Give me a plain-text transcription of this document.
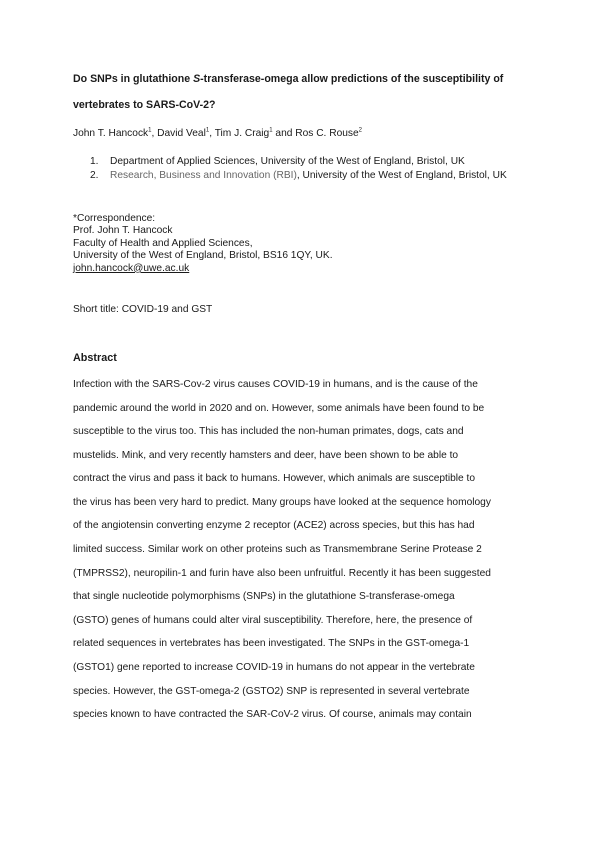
Do SNPs in glutathione S-transferase-omega allow predictions of the susceptibility of
vertebrates to SARS-CoV-2?
John T. Hancock$^1$, David Veal$^1$, Tim J. Craig$^1$ and Ros C. Rouse$^2$
1.	Department of Applied Sciences, University of the West of England, Bristol, UK
2.	Research, Business and Innovation (RBI), University of the West of England, Bristol, UK
*Correspondence:
Prof. John T. Hancock
Faculty of Health and Applied Sciences,
University of the West of England, Bristol, BS16 1QY, UK.
john.hancock@uwe.ac.uk
Short title: COVID-19 and GST
Abstract
Infection with the SARS-Cov-2 virus causes COVID-19 in humans, and is the cause of the
pandemic around the world in 2020 and on. However, some animals have been found to be
susceptible to the virus too. This has included the non-human primates, dogs, cats and
mustelids. Mink, and very recently hamsters and deer, have been shown to be able to
contract the virus and pass it back to humans. However, which animals are susceptible to
the virus has been very hard to predict. Many groups have looked at the sequence homology
of the angiotensin converting enzyme 2 receptor (ACE2) across species, but this has had
limited success. Similar work on other proteins such as Transmembrane Serine Protease 2
(TMPRSS2), neuropilin-1 and furin have also been unfruitful. Recently it has been suggested
that single nucleotide polymorphisms (SNPs) in the glutathione S-transferase-omega
(GSTO) genes of humans could alter viral susceptibility. Therefore, here, the presence of
related sequences in vertebrates has been investigated. The SNPs in the GST-omega-1
(GSTO1) gene reported to increase COVID-19 in humans do not appear in the vertebrate
species. However, the GST-omega-2 (GSTO2) SNP is represented in several vertebrate
species known to have contracted the SAR-CoV-2 virus. Of course, animals may contain
